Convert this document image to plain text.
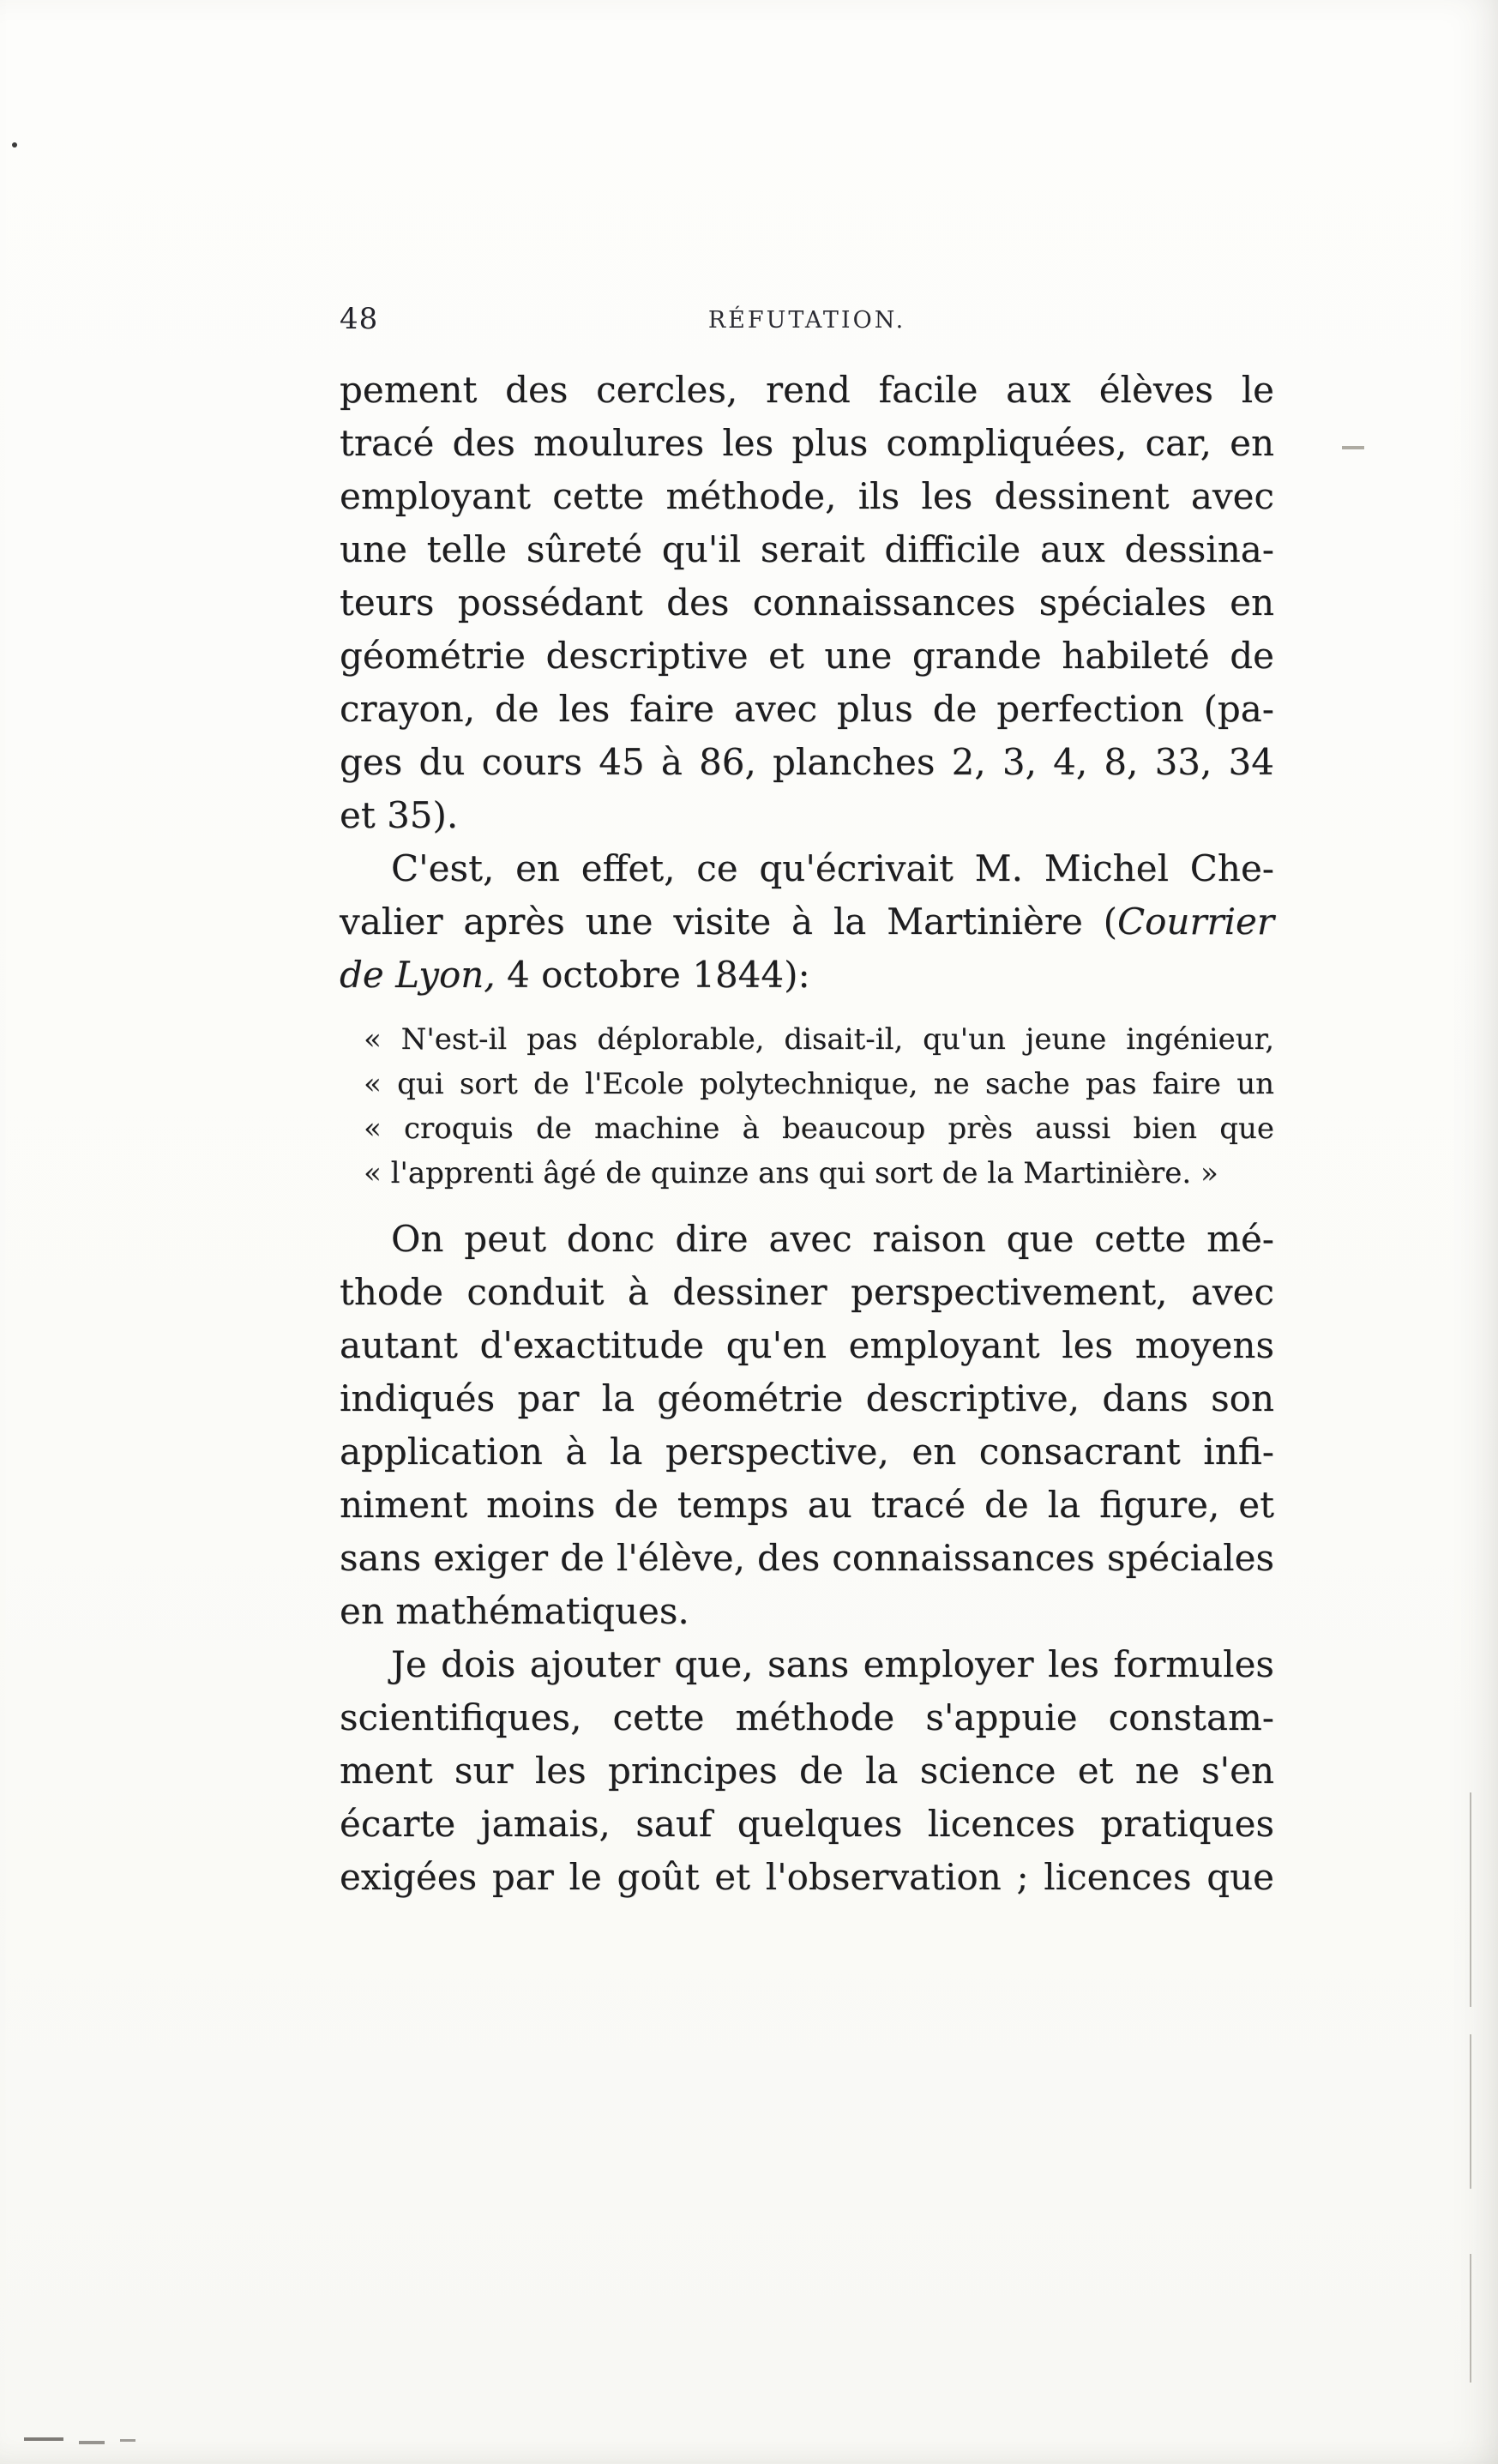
48	RÉFUTATION.
pement des cercles, rend facile aux élèves le
tracé des moulures les plus compliquées, car, en
employant cette méthode, ils les dessinent avec
une telle sûreté qu'il serait difficile aux dessina-
teurs possédant des connaissances spéciales en
géométrie descriptive et une grande habileté de
crayon, de les faire avec plus de perfection (pa-
ges du cours 45 à 86, planches 2, 3, 4, 8, 33, 34
et 35).
C'est, en effet, ce qu'écrivait M. Michel Che-
valier après une visite à la Martinière (Courrier
de Lyon, 4 octobre 1844):
« N'est-il pas déplorable, disait-il, qu'un jeune ingénieur,
« qui sort de l'Ecole polytechnique, ne sache pas faire un
« croquis de machine à beaucoup près aussi bien que
« l'apprenti âgé de quinze ans qui sort de la Martinière. »
On peut donc dire avec raison que cette mé-
thode conduit à dessiner perspectivement, avec
autant d'exactitude qu'en employant les moyens
indiqués par la géométrie descriptive, dans son
application à la perspective, en consacrant infi-
niment moins de temps au tracé de la figure, et
sans exiger de l'élève, des connaissances spéciales
en mathématiques.
Je dois ajouter que, sans employer les formules
scientifiques, cette méthode s'appuie constam-
ment sur les principes de la science et ne s'en
écarte jamais, sauf quelques licences pratiques
exigées par le goût et l'observation ; licences que
